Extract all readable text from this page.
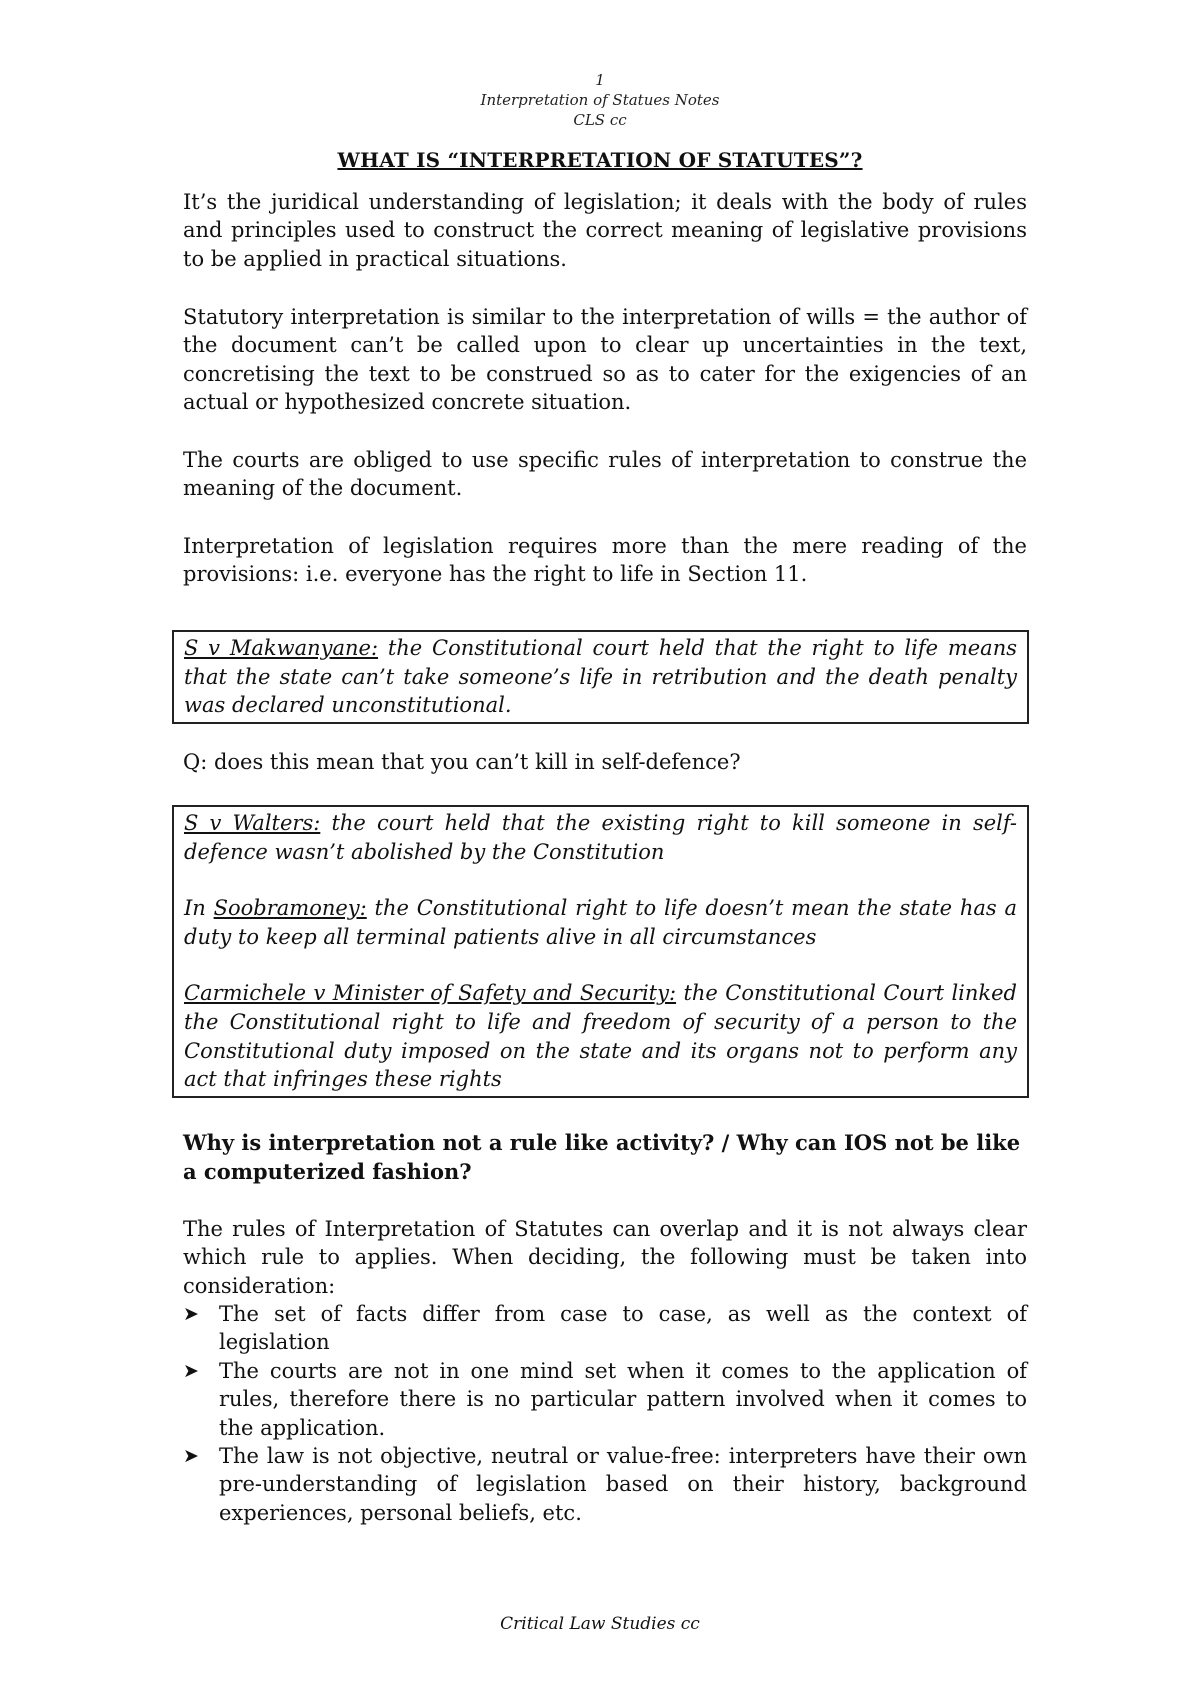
1
Interpretation of Statues Notes
CLS cc
WHAT IS “INTERPRETATION OF STATUTES”?

It’s the juridical understanding of legislation; it deals with the body of rules and principles used to construct the correct meaning of legislative provisions to be applied in practical situations.

Statutory interpretation is similar to the interpretation of wills = the author of the document can’t be called upon to clear up uncertainties in the text, concretising the text to be construed so as to cater for the exigencies of an actual or hypothesized concrete situation.

The courts are obliged to use specific rules of interpretation to construe the meaning of the document.

Interpretation of legislation requires more than the mere reading of the provisions: i.e. everyone has the right to life in Section 11.

S v Makwanyane: the Constitutional court held that the right to life means that the state can’t take someone’s life in retribution and the death penalty was declared unconstitutional.

Q: does this mean that you can’t kill in self-defence?

S v Walters: the court held that the existing right to kill someone in self-defence wasn’t abolished by the Constitution

In Soobramoney: the Constitutional right to life doesn’t mean the state has a duty to keep all terminal patients alive in all circumstances

Carmichele v Minister of Safety and Security: the Constitutional Court linked the Constitutional right to life and freedom of security of a person to the Constitutional duty imposed on the state and its organs not to perform any act that infringes these rights

Why is interpretation not a rule like activity? / Why can IOS not be like a computerized fashion?

The rules of Interpretation of Statutes can overlap and it is not always clear which rule to applies. When deciding, the following must be taken into consideration:

➤ The set of facts differ from case to case, as well as the context of legislation
➤ The courts are not in one mind set when it comes to the application of rules, therefore there is no particular pattern involved when it comes to the application.
➤ The law is not objective, neutral or value-free: interpreters have their own pre-understanding of legislation based on their history, background experiences, personal beliefs, etc.
Critical Law Studies cc
